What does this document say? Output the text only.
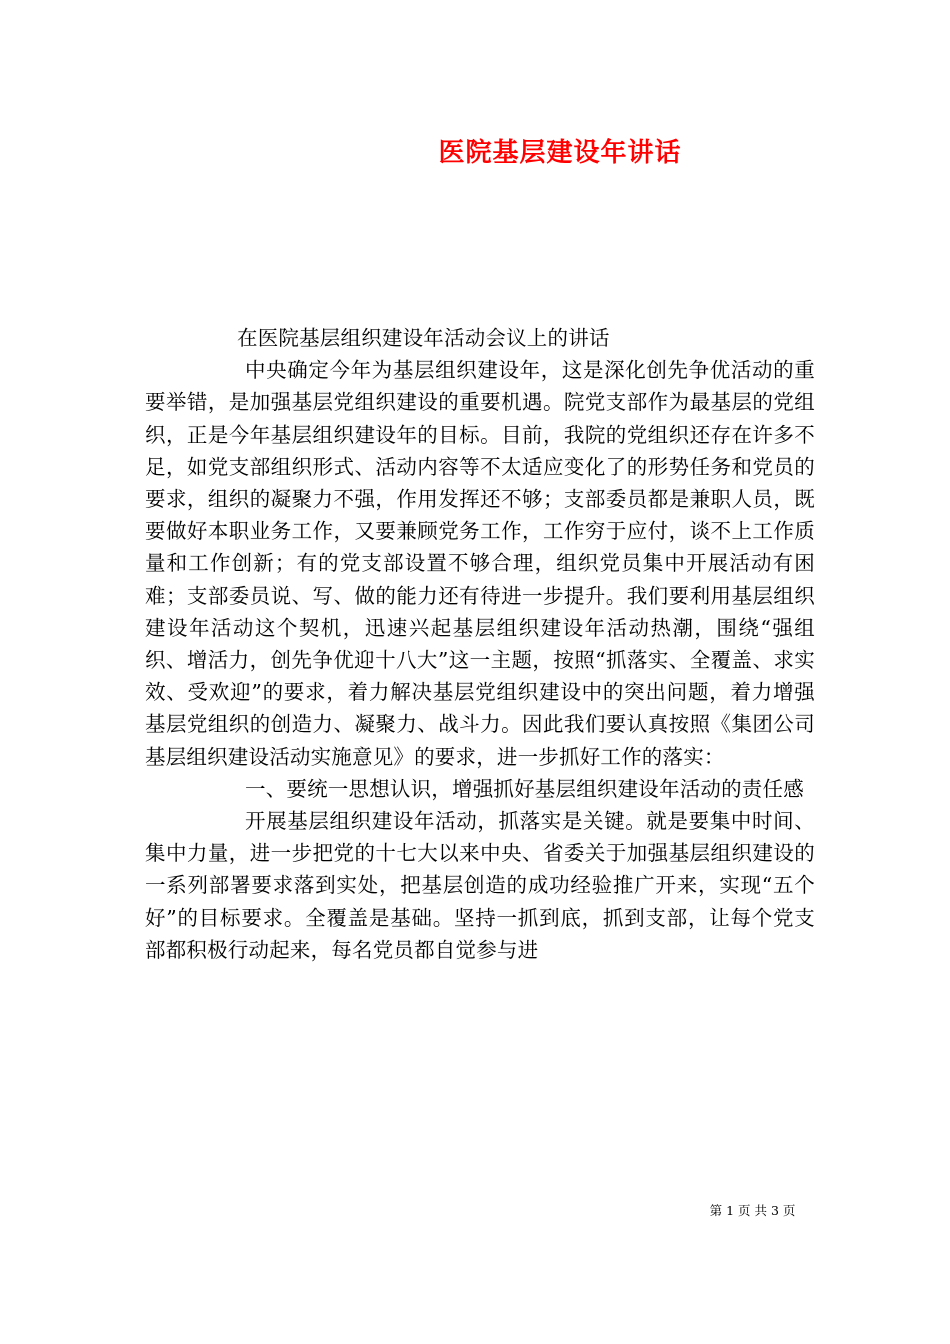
医院基层建设年讲话

在医院基层组织建设年活动会议上的讲话

中央确定今年为基层组织建设年，这是深化创先争优活动的重要举错，是加强基层党组织建设的重要机遇。院党支部作为最基层的党组织，正是今年基层组织建设年的目标。目前，我院的党组织还存在许多不足，如党支部组织形式、活动内容等不太适应变化了的形势任务和党员的要求，组织的凝聚力不强，作用发挥还不够；支部委员都是兼职人员，既要做好本职业务工作，又要兼顾党务工作，工作穷于应付，谈不上工作质量和工作创新；有的党支部设置不够合理，组织党员集中开展活动有困难；支部委员说、写、做的能力还有待进一步提升。我们要利用基层组织建设年活动这个契机，迅速兴起基层组织建设年活动热潮，围绕“强组织、增活力，创先争优迎十八大”这一主题，按照“抓落实、全覆盖、求实效、受欢迎”的要求，着力解决基层党组织建设中的突出问题，着力增强基层党组织的创造力、凝聚力、战斗力。因此我们要认真按照《集团公司基层组织建设活动实施意见》的要求，进一步抓好工作的落实：

一、要统一思想认识，增强抓好基层组织建设年活动的责任感

开展基层组织建设年活动，抓落实是关键。就是要集中时间、集中力量，进一步把党的十七大以来中央、省委关于加强基层组织建设的一系列部署要求落到实处，把基层创造的成功经验推广开来，实现“五个好”的目标要求。全覆盖是基础。坚持一抓到底，抓到支部，让每个党支部都积极行动起来，每名党员都自觉参与进

第 1 页 共 3 页
